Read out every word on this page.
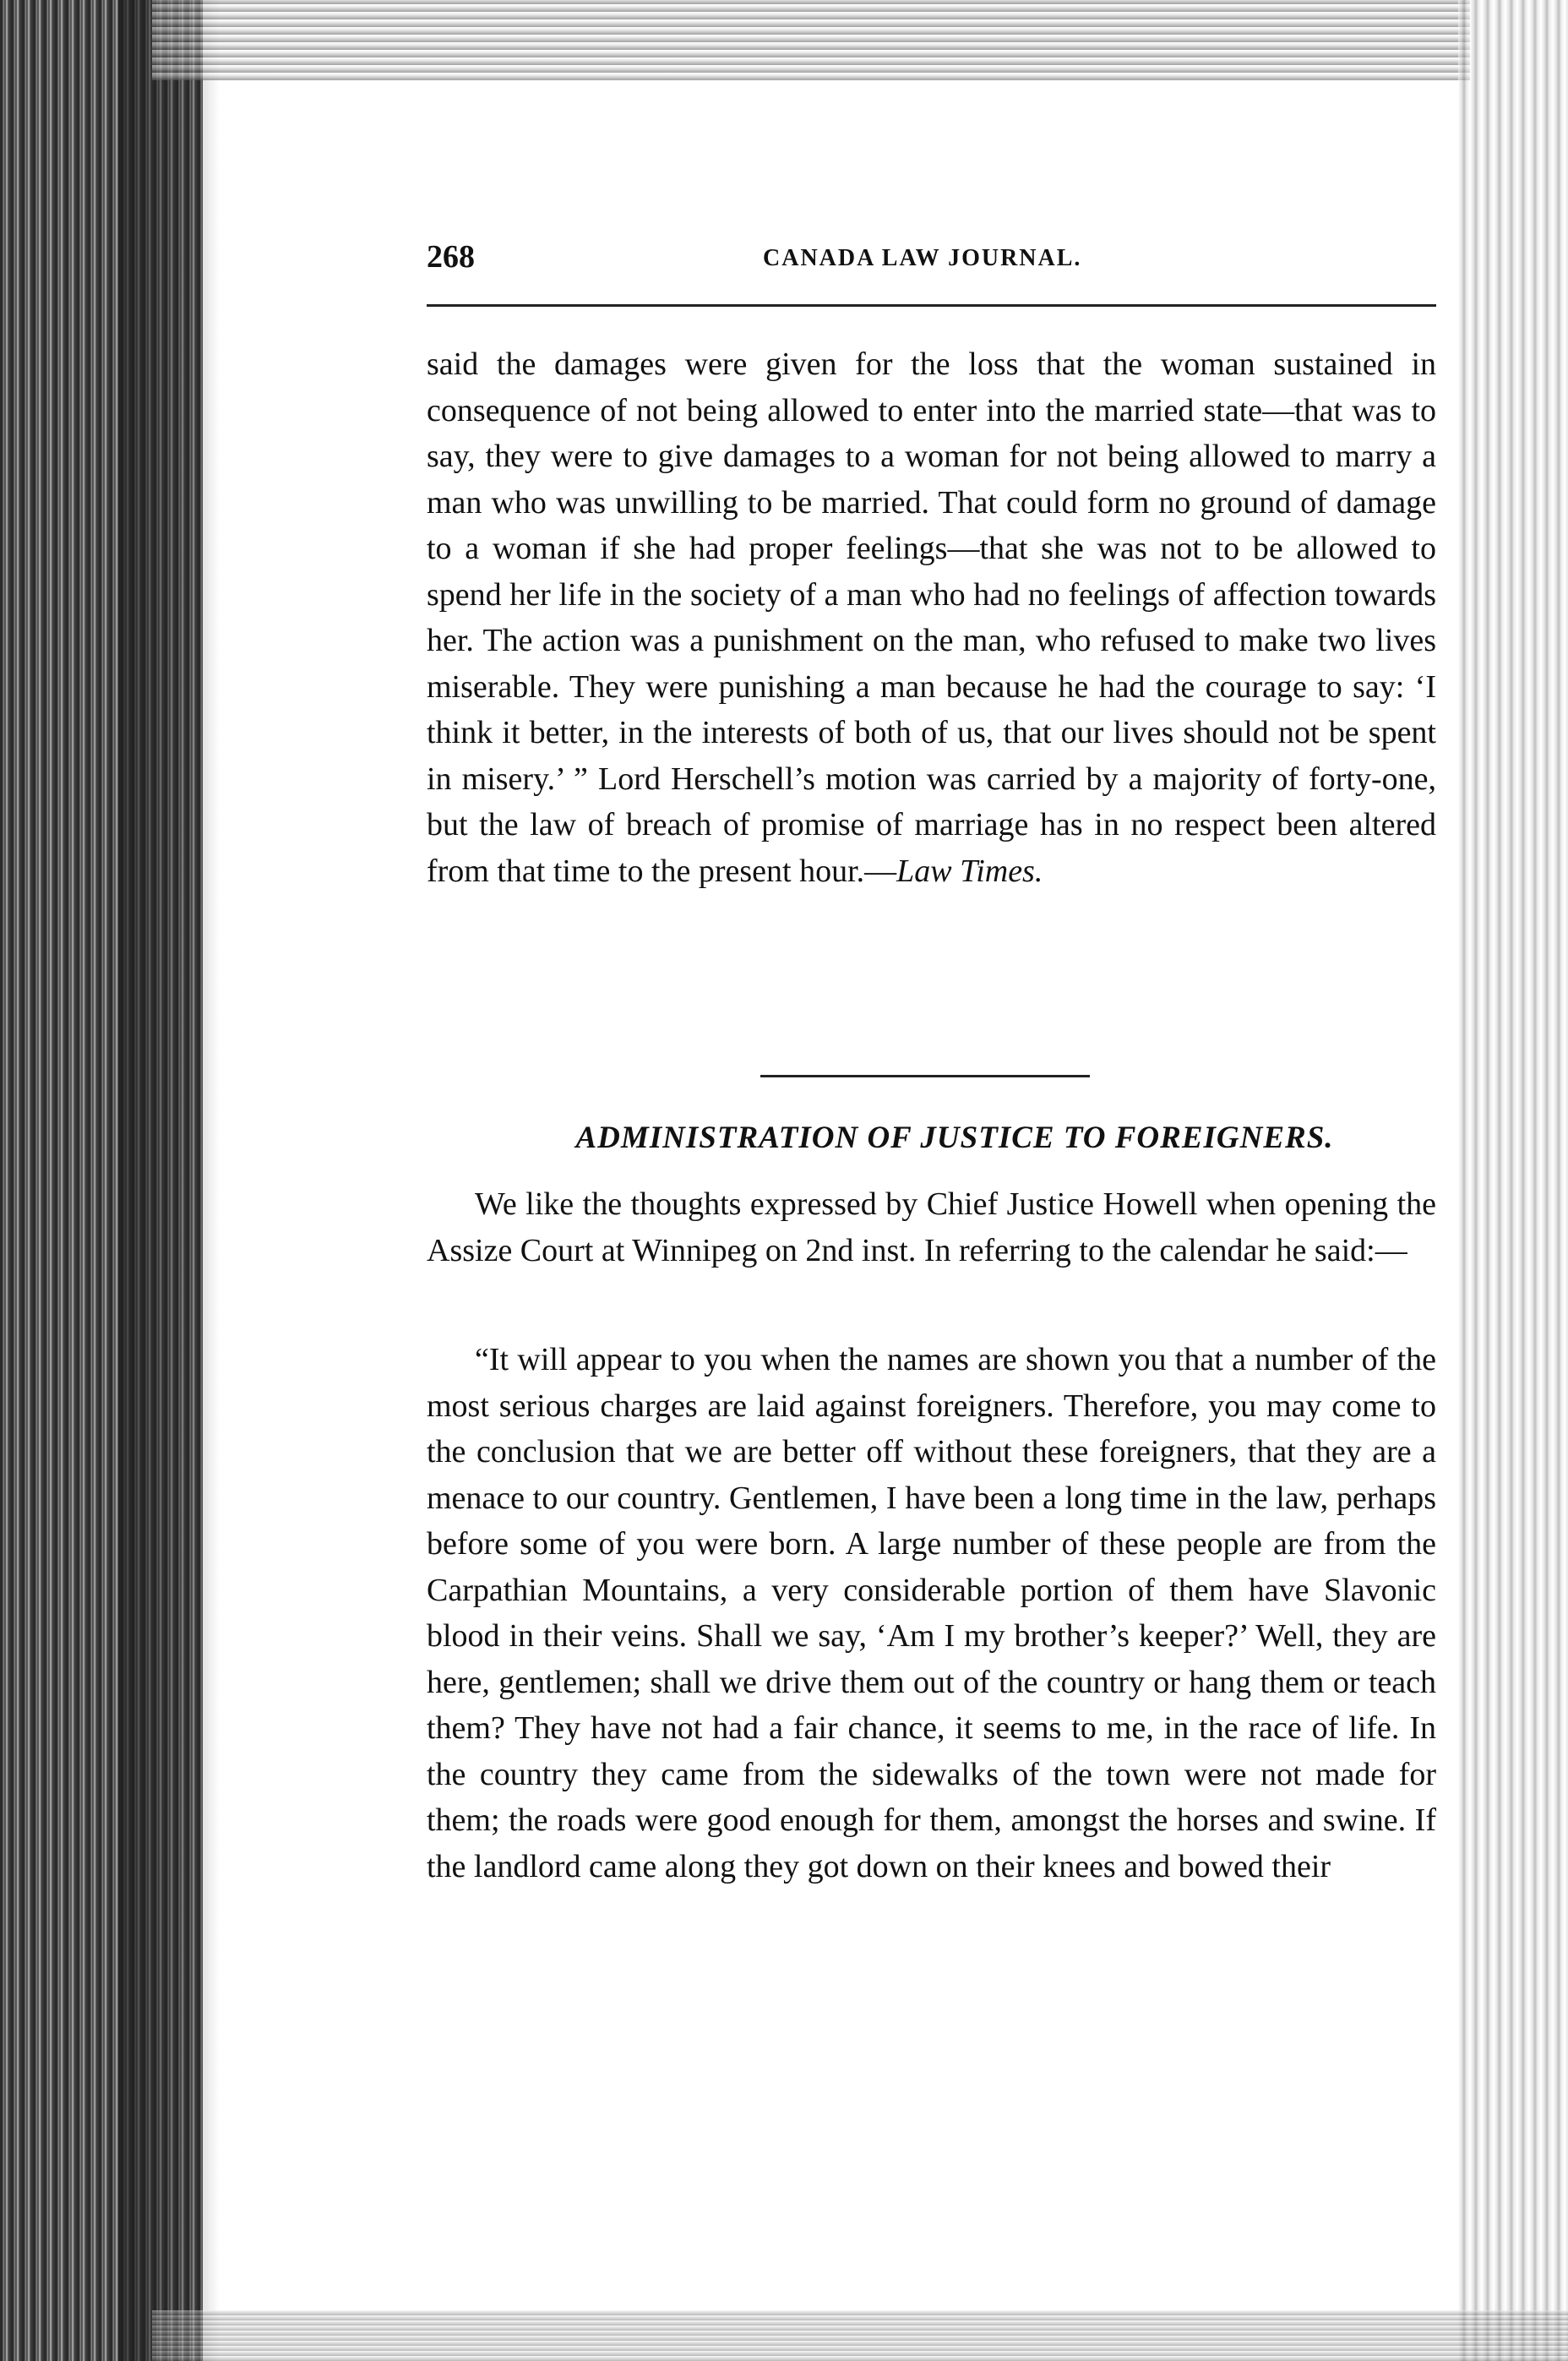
268	CANADA LAW JOURNAL.

said the damages were given for the loss that the woman sustained in consequence of not being allowed to enter into the married state—that was to say, they were to give damages to a woman for not being allowed to marry a man who was unwilling to be married. That could form no ground of damage to a woman if she had proper feelings—that she was not to be allowed to spend her life in the society of a man who had no feelings of affection towards her. The action was a punishment on the man, who refused to make two lives miserable. They were punishing a man because he had the courage to say: ‘I think it better, in the interests of both of us, that our lives should not be spent in misery.’ ” Lord Herschell’s motion was carried by a majority of forty-one, but the law of breach of promise of marriage has in no respect been altered from that time to the present hour.—Law Times.

ADMINISTRATION OF JUSTICE TO FOREIGNERS.

We like the thoughts expressed by Chief Justice Howell when opening the Assize Court at Winnipeg on 2nd inst. In referring to the calendar he said:—

“It will appear to you when the names are shown you that a number of the most serious charges are laid against foreigners. Therefore, you may come to the conclusion that we are better off without these foreigners, that they are a menace to our country. Gentlemen, I have been a long time in the law, perhaps before some of you were born. A large number of these people are from the Carpathian Mountains, a very considerable portion of them have Slavonic blood in their veins. Shall we say, ‘Am I my brother’s keeper?’ Well, they are here, gentlemen; shall we drive them out of the country or hang them or teach them? They have not had a fair chance, it seems to me, in the race of life. In the country they came from the sidewalks of the town were not made for them; the roads were good enough for them, amongst the horses and swine. If the landlord came along they got down on their knees and bowed their
